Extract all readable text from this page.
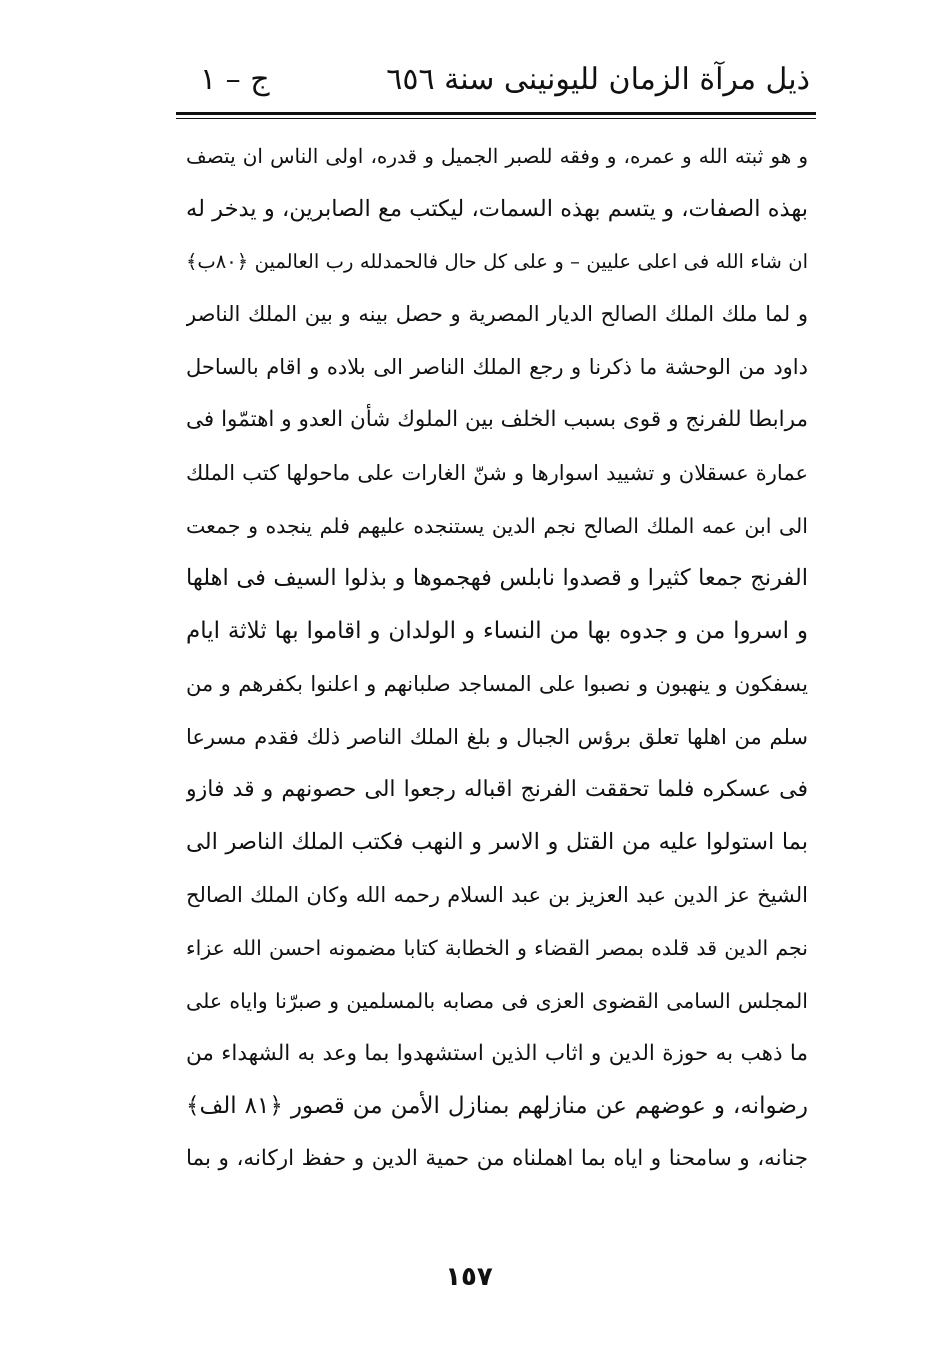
ذيل مرآة الزمان لليونينى سنة ٦٥٦
ج – ١
و هو ثبته الله و عمره، و وفقه للصبر الجميل و قدره، اولى الناس ان يتصف
بهذه الصفات، و يتسم بهذه السمات، ليكتب مع الصابرين، و يدخر له
ان شاء الله فى اعلى عليين – و على كل حال فالحمدلله رب العالمين ﴿٨٠ب﴾
و لما ملك الملك الصالح الديار المصرية و حصل بينه و بين الملك الناصر
داود من الوحشة ما ذكرنا و رجع الملك الناصر الى بلاده و اقام بالساحل
مرابطا للفرنج و قوى بسبب الخلف بين الملوك شأن العدو و اهتمّوا فى
عمارة عسقلان و تشييد اسوارها و شنّ الغارات على ماحولها كتب الملك
الى ابن عمه الملك الصالح نجم الدين يستنجده عليهم فلم ينجده و جمعت
الفرنج جمعا كثيرا و قصدوا نابلس فهجموها و بذلوا السيف فى اهلها
و اسروا من و جدوه بها من النساء و الولدان و اقاموا بها ثلاثة ايام
يسفكون و ينهبون و نصبوا على المساجد صلبانهم و اعلنوا بكفرهم و من
سلم من اهلها تعلق برؤس الجبال و بلغ الملك الناصر ذلك فقدم مسرعا
فى عسكره فلما تحققت الفرنج اقباله رجعوا الى حصونهم و قد فازو
بما استولوا عليه من القتل و الاسر و النهب فكتب الملك الناصر الى
الشيخ عز الدين عبد العزيز بن عبد السلام رحمه الله وكان الملك الصالح
نجم الدين قد قلده بمصر القضاء و الخطابة كتابا مضمونه احسن الله عزاء
المجلس السامى القضوى العزى فى مصابه بالمسلمين و صبرّنا واياه على
ما ذهب به حوزة الدين و اثاب الذين استشهدوا بما وعد به الشهداء من
رضوانه، و عوضهم عن منازلهم بمنازل الأمن من قصور ﴿٨١ الف﴾
جنانه، و سامحنا و اياه بما اهملناه من حمية الدين و حفظ اركانه، و بما
١٥٧
